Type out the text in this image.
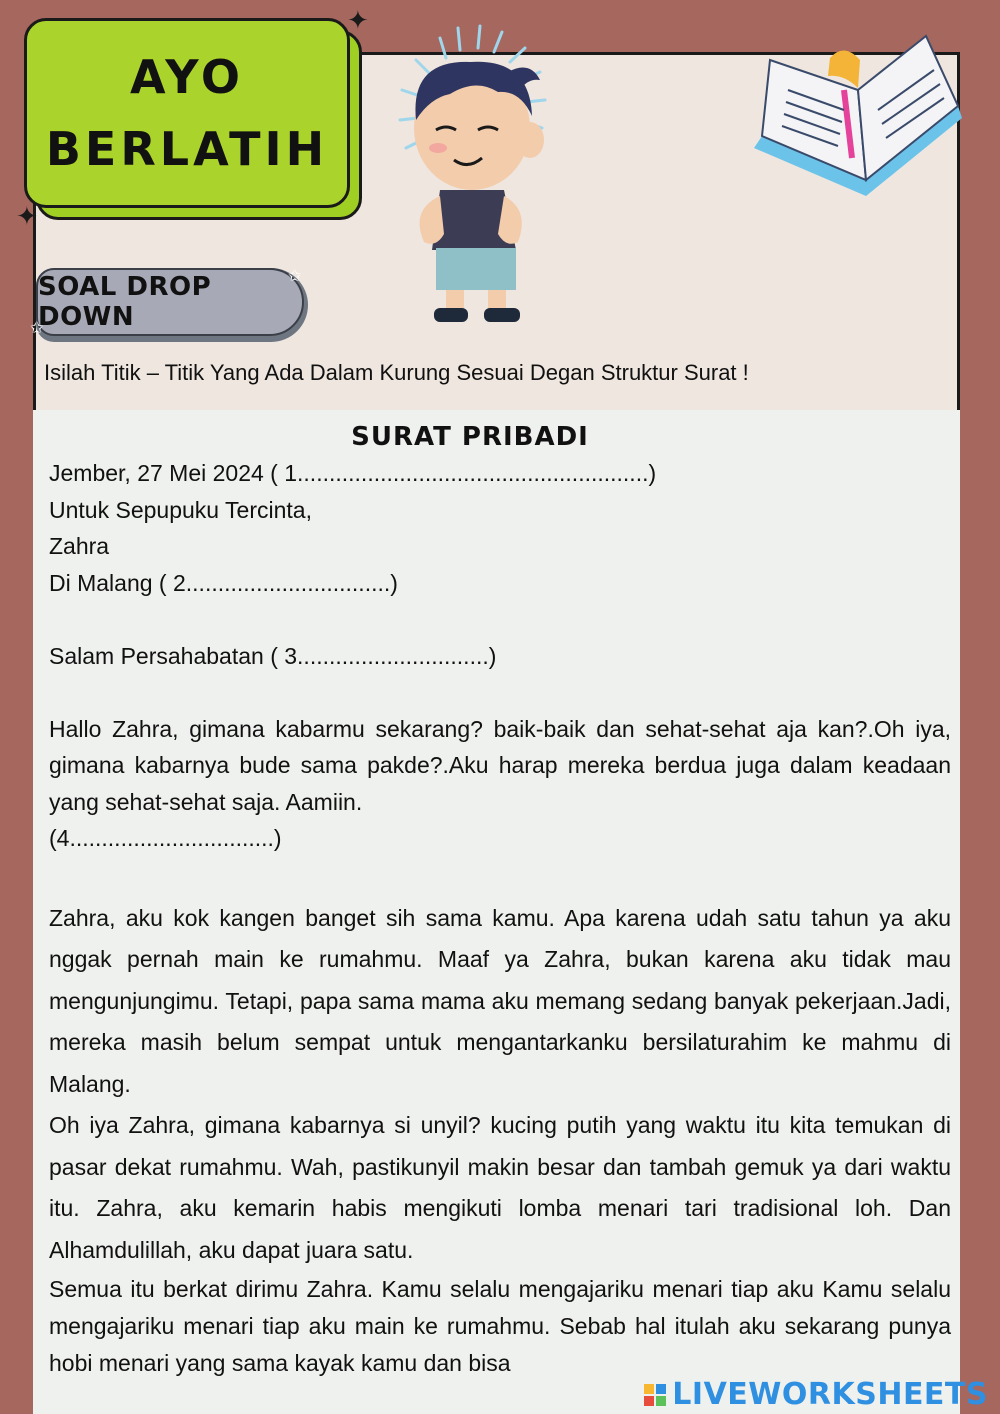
AYO
BERLATIH
✦
✦
SOAL DROP DOWN
✩
✩
Isilah Titik – Titik Yang Ada Dalam Kurung Sesuai Degan Struktur Surat !
SURAT PRIBADI
Jember, 27 Mei 2024 ( 1.......................................................)
Untuk Sepupuku Tercinta,
Zahra
Di Malang ( 2................................)
Salam Persahabatan ( 3..............................)
Hallo Zahra, gimana kabarmu sekarang? baik-baik dan sehat-sehat aja kan?.Oh iya, gimana kabarnya bude sama pakde?.Aku harap mereka berdua juga dalam keadaan yang sehat-sehat saja. Aamiin.
(4................................)
Zahra, aku kok kangen banget sih sama kamu. Apa karena udah satu tahun ya aku nggak pernah main ke rumahmu. Maaf ya Zahra, bukan karena aku tidak mau mengunjungimu. Tetapi, papa sama mama aku memang sedang banyak pekerjaan.Jadi, mereka masih belum sempat untuk mengantarkanku bersilaturahim ke mahmu di Malang.
Oh iya Zahra, gimana kabarnya si unyil? kucing putih yang waktu itu kita temukan di pasar dekat rumahmu. Wah, pastikunyil makin besar dan tambah gemuk ya dari waktu itu. Zahra, aku kemarin habis mengikuti lomba menari tari tradisional loh. Dan Alhamdulillah, aku dapat juara satu.
Semua itu berkat dirimu Zahra. Kamu selalu mengajariku menari tiap aku Kamu selalu mengajariku menari tiap aku main ke rumahmu. Sebab hal itulah aku sekarang punya hobi menari yang sama kayak kamu dan bisa
LIVEWORKSHEETS
